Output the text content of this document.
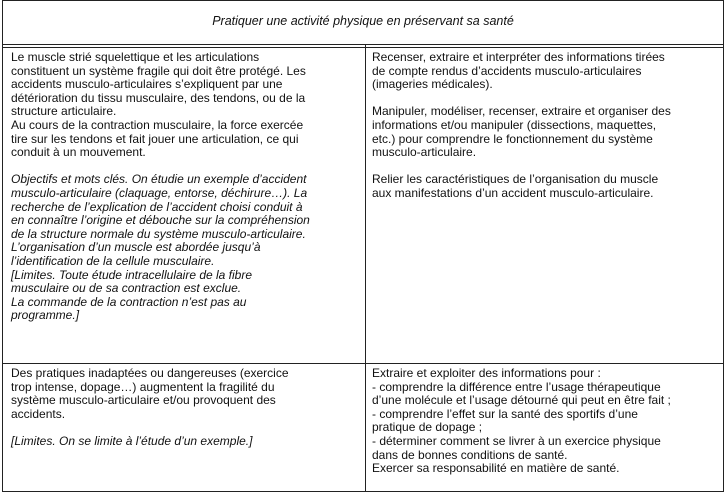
Pratiquer une activité physique en préservant sa santé

Le muscle strié squelettique et les articulations

constituent un système fragile qui doit être protégé. Les

accidents musculo-articulaires s’expliquent par une

détérioration du tissu musculaire, des tendons, ou de la

structure articulaire.

Au cours de la contraction musculaire, la force exercée

tire sur les tendons et fait jouer une articulation, ce qui

conduit à un mouvement.

Objectifs et mots clés. On étudie un exemple d’accident

musculo-articulaire (claquage, entorse, déchirure…). La

recherche de l’explication de l’accident choisi conduit à

en connaître l’origine et débouche sur la compréhension

de la structure normale du système musculo-articulaire.

L’organisation d’un muscle est abordée jusqu’à

l’identification de la cellule musculaire.

[Limites. Toute étude intracellulaire de la fibre

musculaire ou de sa contraction est exclue.

La commande de la contraction n’est pas au

programme.]

Recenser, extraire et interpréter des informations tirées

de compte rendus d’accidents musculo-articulaires

(imageries médicales).

Manipuler, modéliser, recenser, extraire et organiser des

informations et/ou manipuler (dissections, maquettes,

etc.) pour comprendre le fonctionnement du système

musculo-articulaire.

Relier les caractéristiques de l’organisation du muscle

aux manifestations d’un accident musculo-articulaire.

Des pratiques inadaptées ou dangereuses (exercice

trop intense, dopage…) augmentent la fragilité du

système musculo-articulaire et/ou provoquent des

accidents.

[Limites. On se limite à l’étude d’un exemple.]

Extraire et exploiter des informations pour :

- comprendre la différence entre l’usage thérapeutique

d’une molécule et l’usage détourné qui peut en être fait ;

- comprendre l’effet sur la santé des sportifs d’une

pratique de dopage ;

- déterminer comment se livrer à un exercice physique

dans de bonnes conditions de santé.

Exercer sa responsabilité en matière de santé.
